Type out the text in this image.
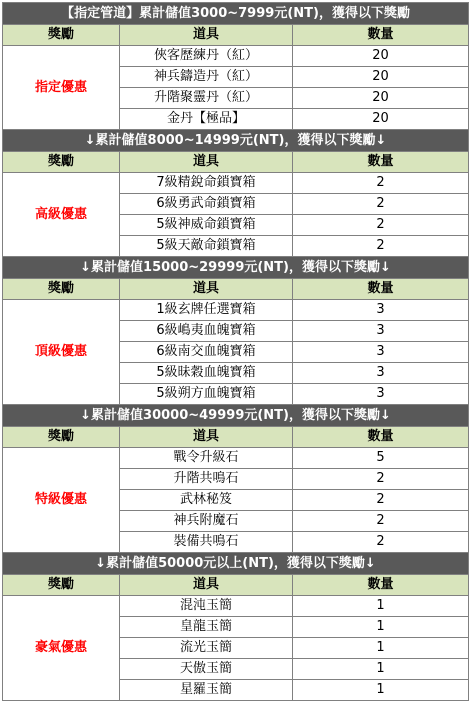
【指定管道】累計儲值3000~7999元(NT)，獲得以下獎勵		
獎勵	道具	數量
指定優惠	俠客歷練丹（紅）	20
	神兵鑄造丹（紅）	20
	升階聚靈丹（紅）	20
	金丹【極品】	20
↓累計儲值8000~14999元(NT)，獲得以下獎勵↓		
獎勵	道具	數量
高級優惠	7級精銳命鎖寶箱	2
	6級勇武命鎖寶箱	2
	5級神威命鎖寶箱	2
	5級天敵命鎖寶箱	2
↓累計儲值15000~29999元(NT)，獲得以下獎勵↓		
獎勵	道具	數量
頂級優惠	1級玄牌任選寶箱	3
	6級嶋夷血魄寶箱	3
	6級南交血魄寶箱	3
	5級昧穀血魄寶箱	3
	5級朔方血魄寶箱	3
↓累計儲值30000~49999元(NT)，獲得以下獎勵↓		
獎勵	道具	數量
特級優惠	戰令升級石	5
	升階共鳴石	2
	武林秘笈	2
	神兵附魔石	2
	裝備共鳴石	2
↓累計儲值50000元以上(NT)，獲得以下獎勵↓		
獎勵	道具	數量
豪氣優惠	混沌玉簡	1
	皇龍玉簡	1
	流光玉簡	1
	天傲玉簡	1
	星羅玉簡	1
